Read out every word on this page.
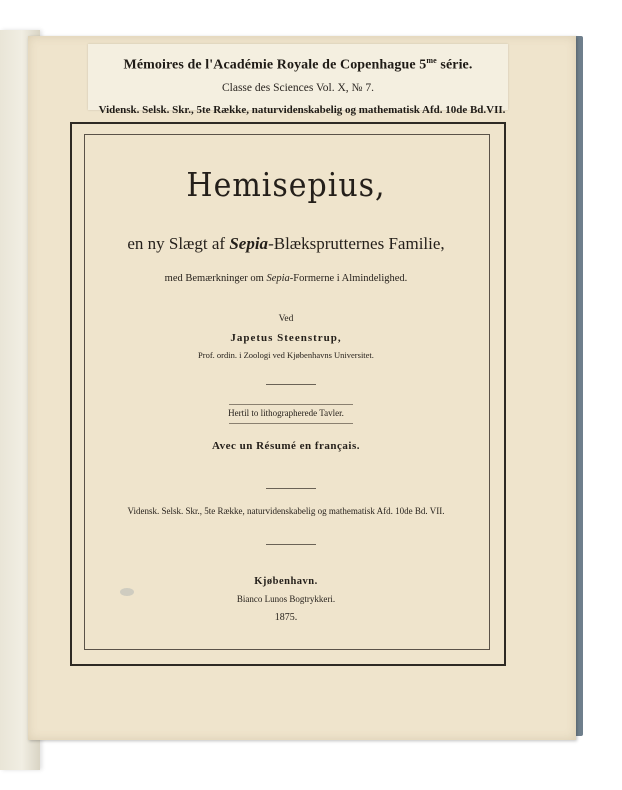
Mémoires de l'Académie Royale de Copenhague $5^{me}$ série.
Classe des Sciences Vol. X, № 7.
Vidensk. Selsk. Skr., 5te Række, naturvidenskabelig og mathematisk Afd. 10de Bd.VII.
Hemisepius,
en ny Slægt af Sepia-Blæksprutternes Familie,
med Bemærkninger om Sepia-Formerne i Almindelighed.
Ved
Japetus Steenstrup,
Prof. ordin. i Zoologi ved Kjøbenhavns Universitet.
Hertil to lithographerede Tavler.
Avec un Résumé en français.
Vidensk. Selsk. Skr., 5te Række, naturvidenskabelig og mathematisk Afd. 10de Bd. VII.
Kjøbenhavn.
Bianco Lunos Bogtrykkeri.
1875.
